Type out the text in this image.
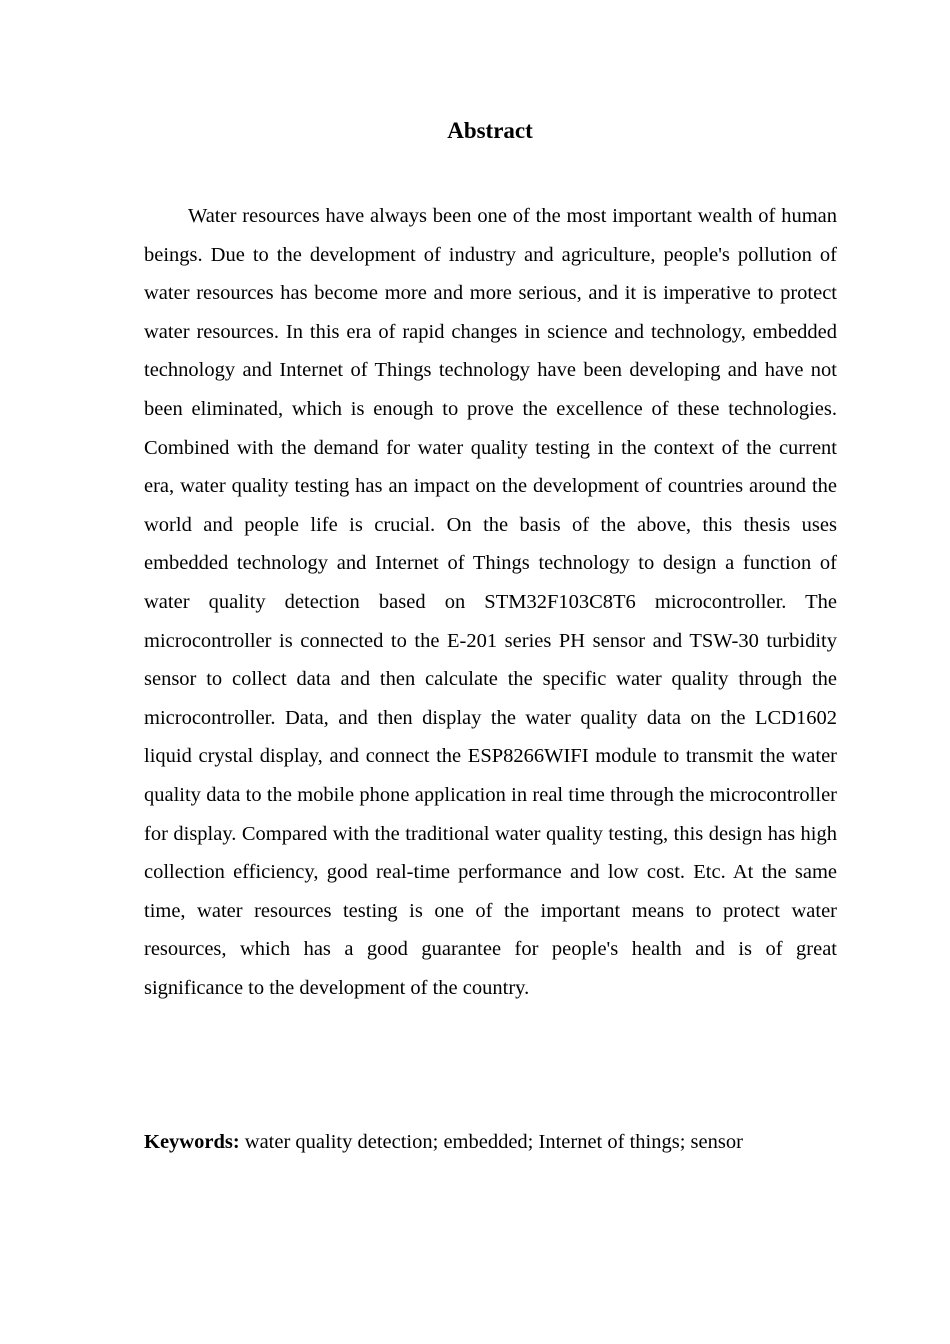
Abstract

Water resources have always been one of the most important wealth of human beings. Due to the development of industry and agriculture, people's pollution of water resources has become more and more serious, and it is imperative to protect water resources. In this era of rapid changes in science and technology, embedded technology and Internet of Things technology have been developing and have not been eliminated, which is enough to prove the excellence of these technologies. Combined with the demand for water quality testing in the context of the current era, water quality testing has an impact on the development of countries around the world and people life is crucial. On the basis of the above, this thesis uses embedded technology and Internet of Things technology to design a function of water quality detection based on STM32F103C8T6 microcontroller. The microcontroller is connected to the E-201 series PH sensor and TSW-30 turbidity sensor to collect data and then calculate the specific water quality through the microcontroller. Data, and then display the water quality data on the LCD1602 liquid crystal display, and connect the ESP8266WIFI module to transmit the water quality data to the mobile phone application in real time through the microcontroller for display. Compared with the traditional water quality testing, this design has high collection efficiency, good real-time performance and low cost. Etc. At the same time, water resources testing is one of the important means to protect water resources, which has a good guarantee for people's health and is of great significance to the development of the country.

Keywords: water quality detection; embedded; Internet of things; sensor
